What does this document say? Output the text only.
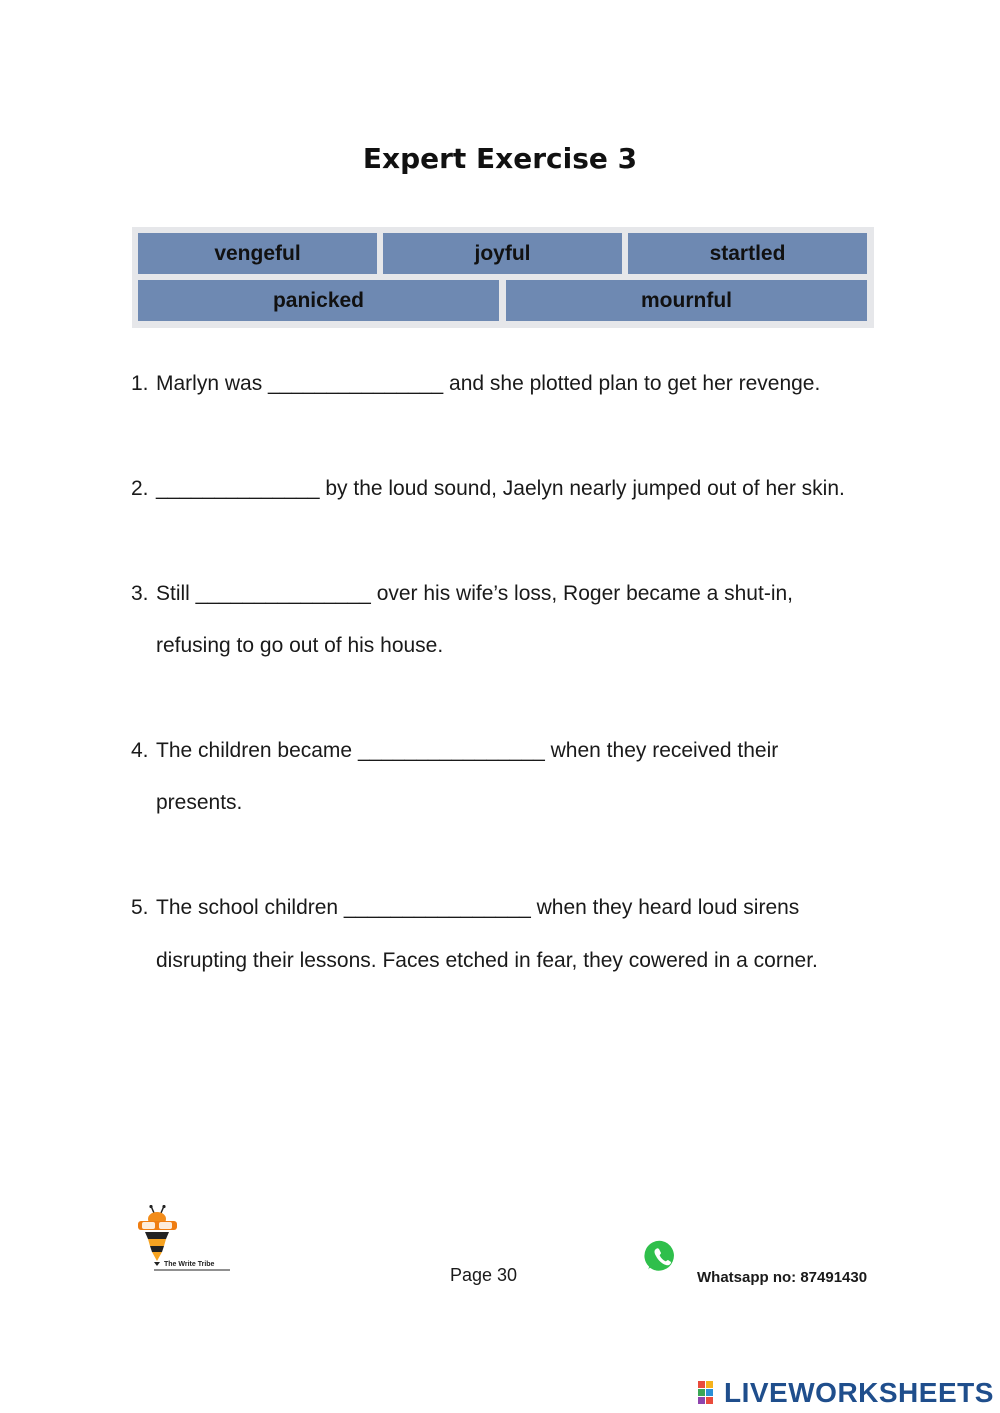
Expert Exercise 3
vengeful	joyful	startled
panicked	mournful
1. Marlyn was _______________ and she plotted plan to get her revenge.
2. ______________ by the loud sound, Jaelyn nearly jumped out of her skin.
3. Still _______________ over his wife’s loss, Roger became a shut-in,
refusing to go out of his house.
4. The children became ________________ when they received their
presents.
5. The school children ________________ when they heard loud sirens
disrupting their lessons. Faces etched in fear, they cowered in a corner.
The Write Tribe
Page 30	Whatsapp no: 87491430
LIVEWORKSHEETS
